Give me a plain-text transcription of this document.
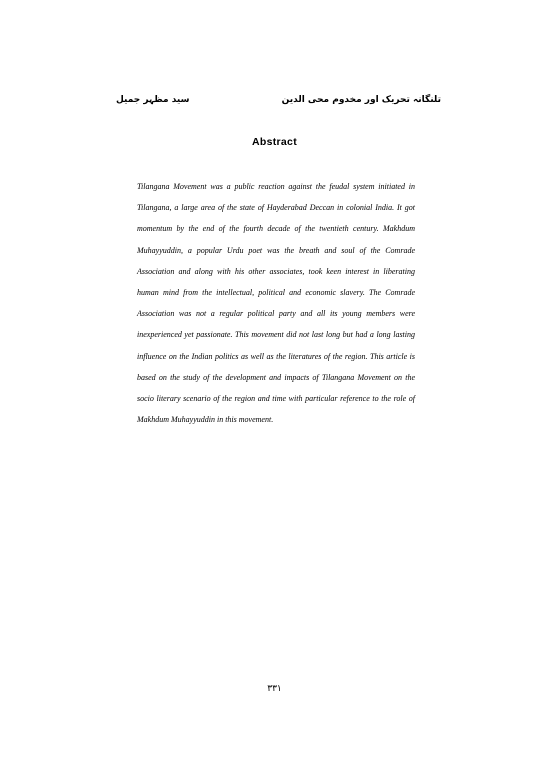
سید مظہر جمیل	تلنگانہ تحریک اور مخدوم محی الدین
Abstract

Tilangana Movement was a public reaction against the feudal system initiated in Tilangana, a large area of the state of Hayderabad Deccan in colonial India. It got momentum by the end of the fourth decade of the twentieth century. Makhdum Muhayyuddin, a popular Urdu poet was the breath and soul of the Comrade Association and along with his other associates, took keen interest in liberating human mind from the intellectual, political and economic slavery. The Comrade Association was not a regular political party and all its young members were inexperienced yet passionate. This movement did not last long but had a long lasting influence on the Indian politics as well as the literatures of the region. This article is based on the study of the development and impacts of Tilangana Movement on the socio literary scenario of the region and time with particular reference to the role of Makhdum Muhayyuddin in this movement.

۳۳۱
